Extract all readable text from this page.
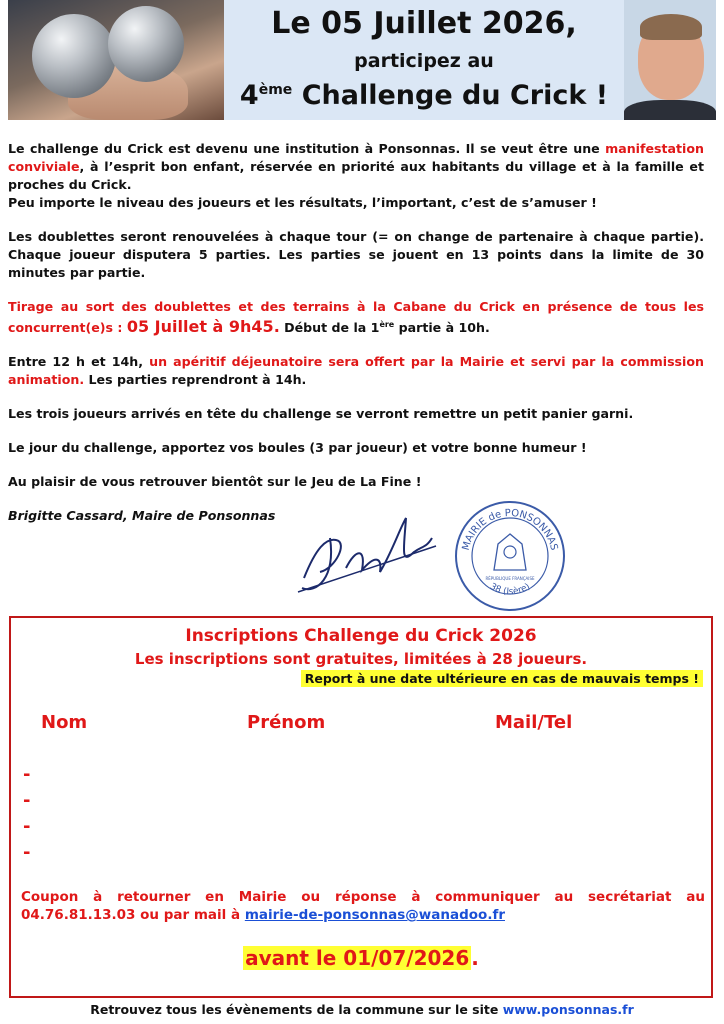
Le 05 Juillet 2026,
participez au
4ème Challenge du Crick !

Le challenge du Crick est devenu une institution à Ponsonnas. Il se veut être une manifestation conviviale, à l’esprit bon enfant, réservée en priorité aux habitants du village et à la famille et proches du Crick.
Peu importe le niveau des joueurs et les résultats, l’important, c’est de s’amuser !

Les doublettes seront renouvelées à chaque tour (= on change de partenaire à chaque partie). Chaque joueur disputera 5 parties. Les parties se jouent en 13 points dans la limite de 30 minutes par partie.

Tirage au sort des doublettes et des terrains à la Cabane du Crick en présence de tous les concurrent(e)s : 05 Juillet à 9h45. Début de la 1ère partie à 10h.

Entre 12 h et 14h, un apéritif déjeunatoire sera offert par la Mairie et servi par la commission animation. Les parties reprendront à 14h.

Les trois joueurs arrivés en tête du challenge se verront remettre un petit panier garni.

Le jour du challenge, apportez vos boules (3 par joueur) et votre bonne humeur !

Au plaisir de vous retrouver bientôt sur le Jeu de La Fine !

Brigitte Cassard, Maire de Ponsonnas

MAIRIE de PONSONNAS
38 (Isère)
RÉPUBLIQUE FRANÇAISE
Inscriptions Challenge du Crick 2026
Les inscriptions sont gratuites, limitées à 28 joueurs.
Report à une date ultérieure en cas de mauvais temps !
Nom	Prénom	Mail/Tel
-
-
-
-
Coupon à retourner en Mairie ou réponse à communiquer au secrétariat au 04.76.81.13.03 ou par mail à mairie-de-ponsonnas@wanadoo.fr
avant le 01/07/2026 .
Retrouvez tous les évènements de la commune sur le site www.ponsonnas.fr
